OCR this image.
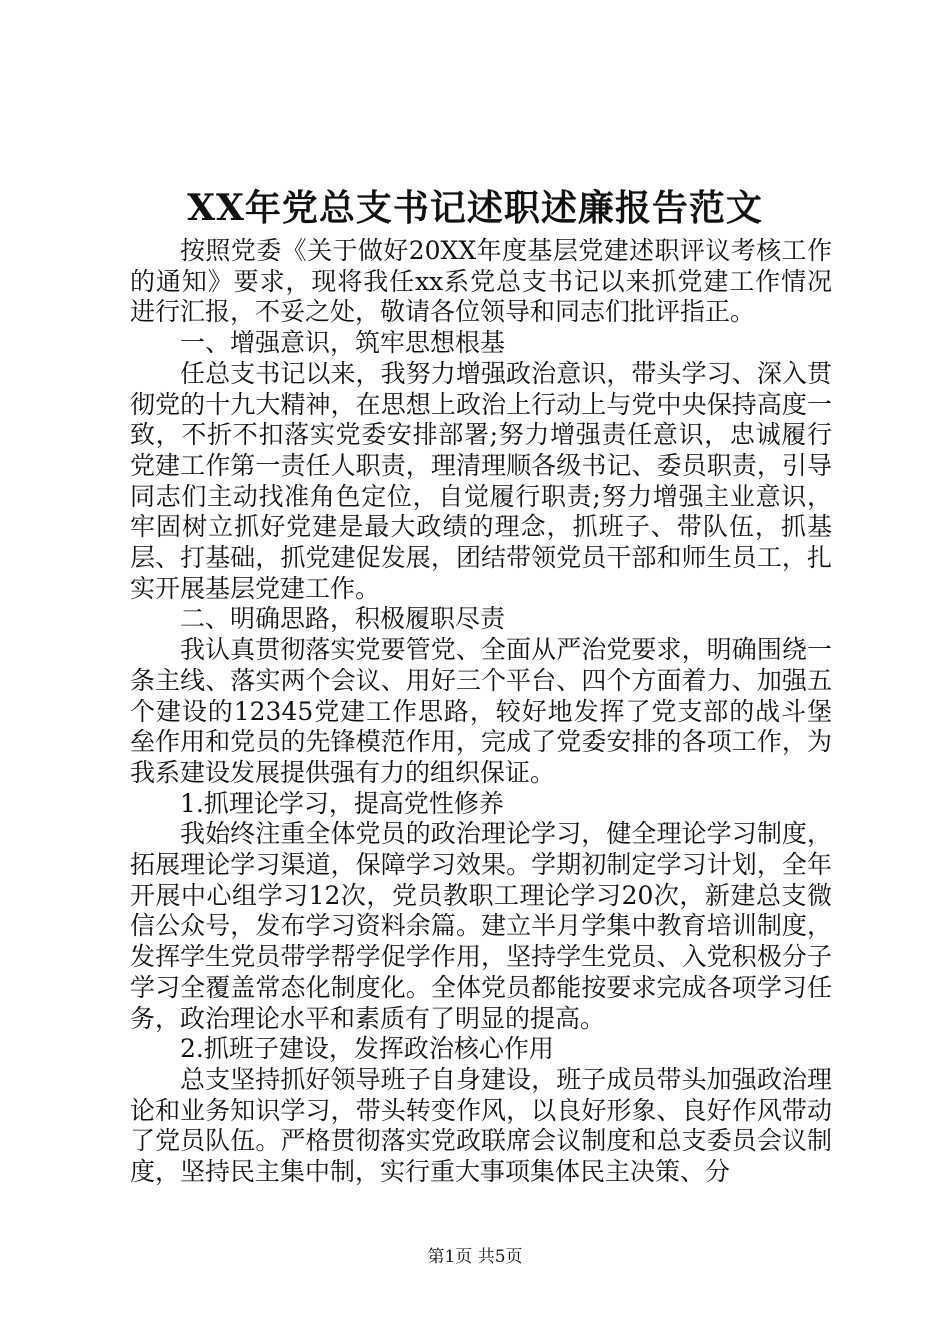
XX年党总支书记述职述廉报告范文

按照党委《关于做好20XX年度基层党建述职评议考核工作的通知》要求，现将我任xx系党总支书记以来抓党建工作情况进行汇报，不妥之处，敬请各位领导和同志们批评指正。

一、增强意识，筑牢思想根基

任总支书记以来，我努力增强政治意识，带头学习、深入贯彻党的十九大精神，在思想上政治上行动上与党中央保持高度一致，不折不扣落实党委安排部署;努力增强责任意识，忠诚履行党建工作第一责任人职责，理清理顺各级书记、委员职责，引导同志们主动找准角色定位，自觉履行职责;努力增强主业意识，牢固树立抓好党建是最大政绩的理念，抓班子、带队伍，抓基层、打基础，抓党建促发展，团结带领党员干部和师生员工，扎实开展基层党建工作。

二、明确思路，积极履职尽责

我认真贯彻落实党要管党、全面从严治党要求，明确围绕一条主线、落实两个会议、用好三个平台、四个方面着力、加强五个建设的12345党建工作思路，较好地发挥了党支部的战斗堡垒作用和党员的先锋模范作用，完成了党委安排的各项工作，为我系建设发展提供强有力的组织保证。

1.抓理论学习，提高党性修养

我始终注重全体党员的政治理论学习，健全理论学习制度，拓展理论学习渠道，保障学习效果。学期初制定学习计划，全年开展中心组学习12次，党员教职工理论学习20次，新建总支微信公众号，发布学习资料余篇。建立半月学集中教育培训制度，发挥学生党员带学帮学促学作用，坚持学生党员、入党积极分子学习全覆盖常态化制度化。全体党员都能按要求完成各项学习任务，政治理论水平和素质有了明显的提高。

2.抓班子建设，发挥政治核心作用

总支坚持抓好领导班子自身建设，班子成员带头加强政治理论和业务知识学习，带头转变作风，以良好形象、良好作风带动了党员队伍。严格贯彻落实党政联席会议制度和总支委员会议制度，坚持民主集中制，实行重大事项集体民主决策、分

第1页 共5页
